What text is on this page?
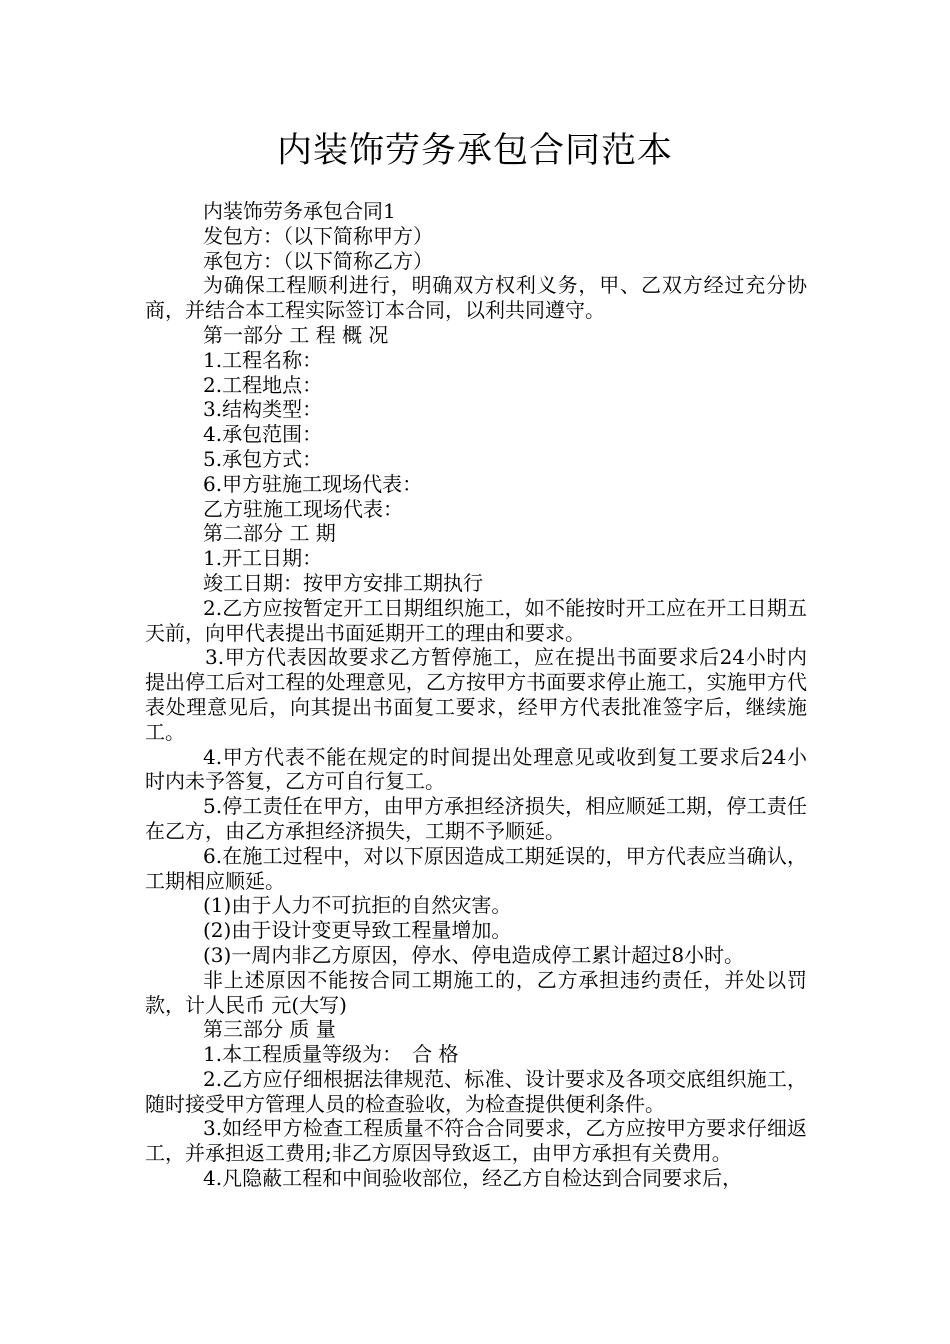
内装饰劳务承包合同范本

内装饰劳务承包合同1

发包方：（以下简称甲方）

承包方：（以下简称乙方）

为确保工程顺利进行，明确双方权利义务，甲、乙双方经过充分协商，并结合本工程实际签订本合同，以利共同遵守。

第一部分 工 程 概 况

1.工程名称：

2.工程地点：

3.结构类型：

4.承包范围：

5.承包方式：

6.甲方驻施工现场代表：

乙方驻施工现场代表：

第二部分 工 期

1.开工日期：

竣工日期：按甲方安排工期执行

2.乙方应按暂定开工日期组织施工，如不能按时开工应在开工日期五天前，向甲代表提出书面延期开工的理由和要求。

3.甲方代表因故要求乙方暂停施工，应在提出书面要求后24小时内提出停工后对工程的处理意见，乙方按甲方书面要求停止施工，实施甲方代表处理意见后，向其提出书面复工要求，经甲方代表批准签字后，继续施工。

4.甲方代表不能在规定的时间提出处理意见或收到复工要求后24小时内未予答复，乙方可自行复工。

5.停工责任在甲方，由甲方承担经济损失，相应顺延工期，停工责任在乙方，由乙方承担经济损失，工期不予顺延。

6.在施工过程中，对以下原因造成工期延误的，甲方代表应当确认，工期相应顺延。

(1)由于人力不可抗拒的自然灾害。

(2)由于设计变更导致工程量增加。

(3)一周内非乙方原因，停水、停电造成停工累计超过8小时。

非上述原因不能按合同工期施工的，乙方承担违约责任，并处以罚款，计人民币 元(大写)

第三部分 质 量

1.本工程质量等级为：　合 格

2.乙方应仔细根据法律规范、标准、设计要求及各项交底组织施工，随时接受甲方管理人员的检查验收，为检查提供便利条件。

3.如经甲方检查工程质量不符合合同要求，乙方应按甲方要求仔细返工，并承担返工费用;非乙方原因导致返工，由甲方承担有关费用。

4.凡隐蔽工程和中间验收部位，经乙方自检达到合同要求后，
